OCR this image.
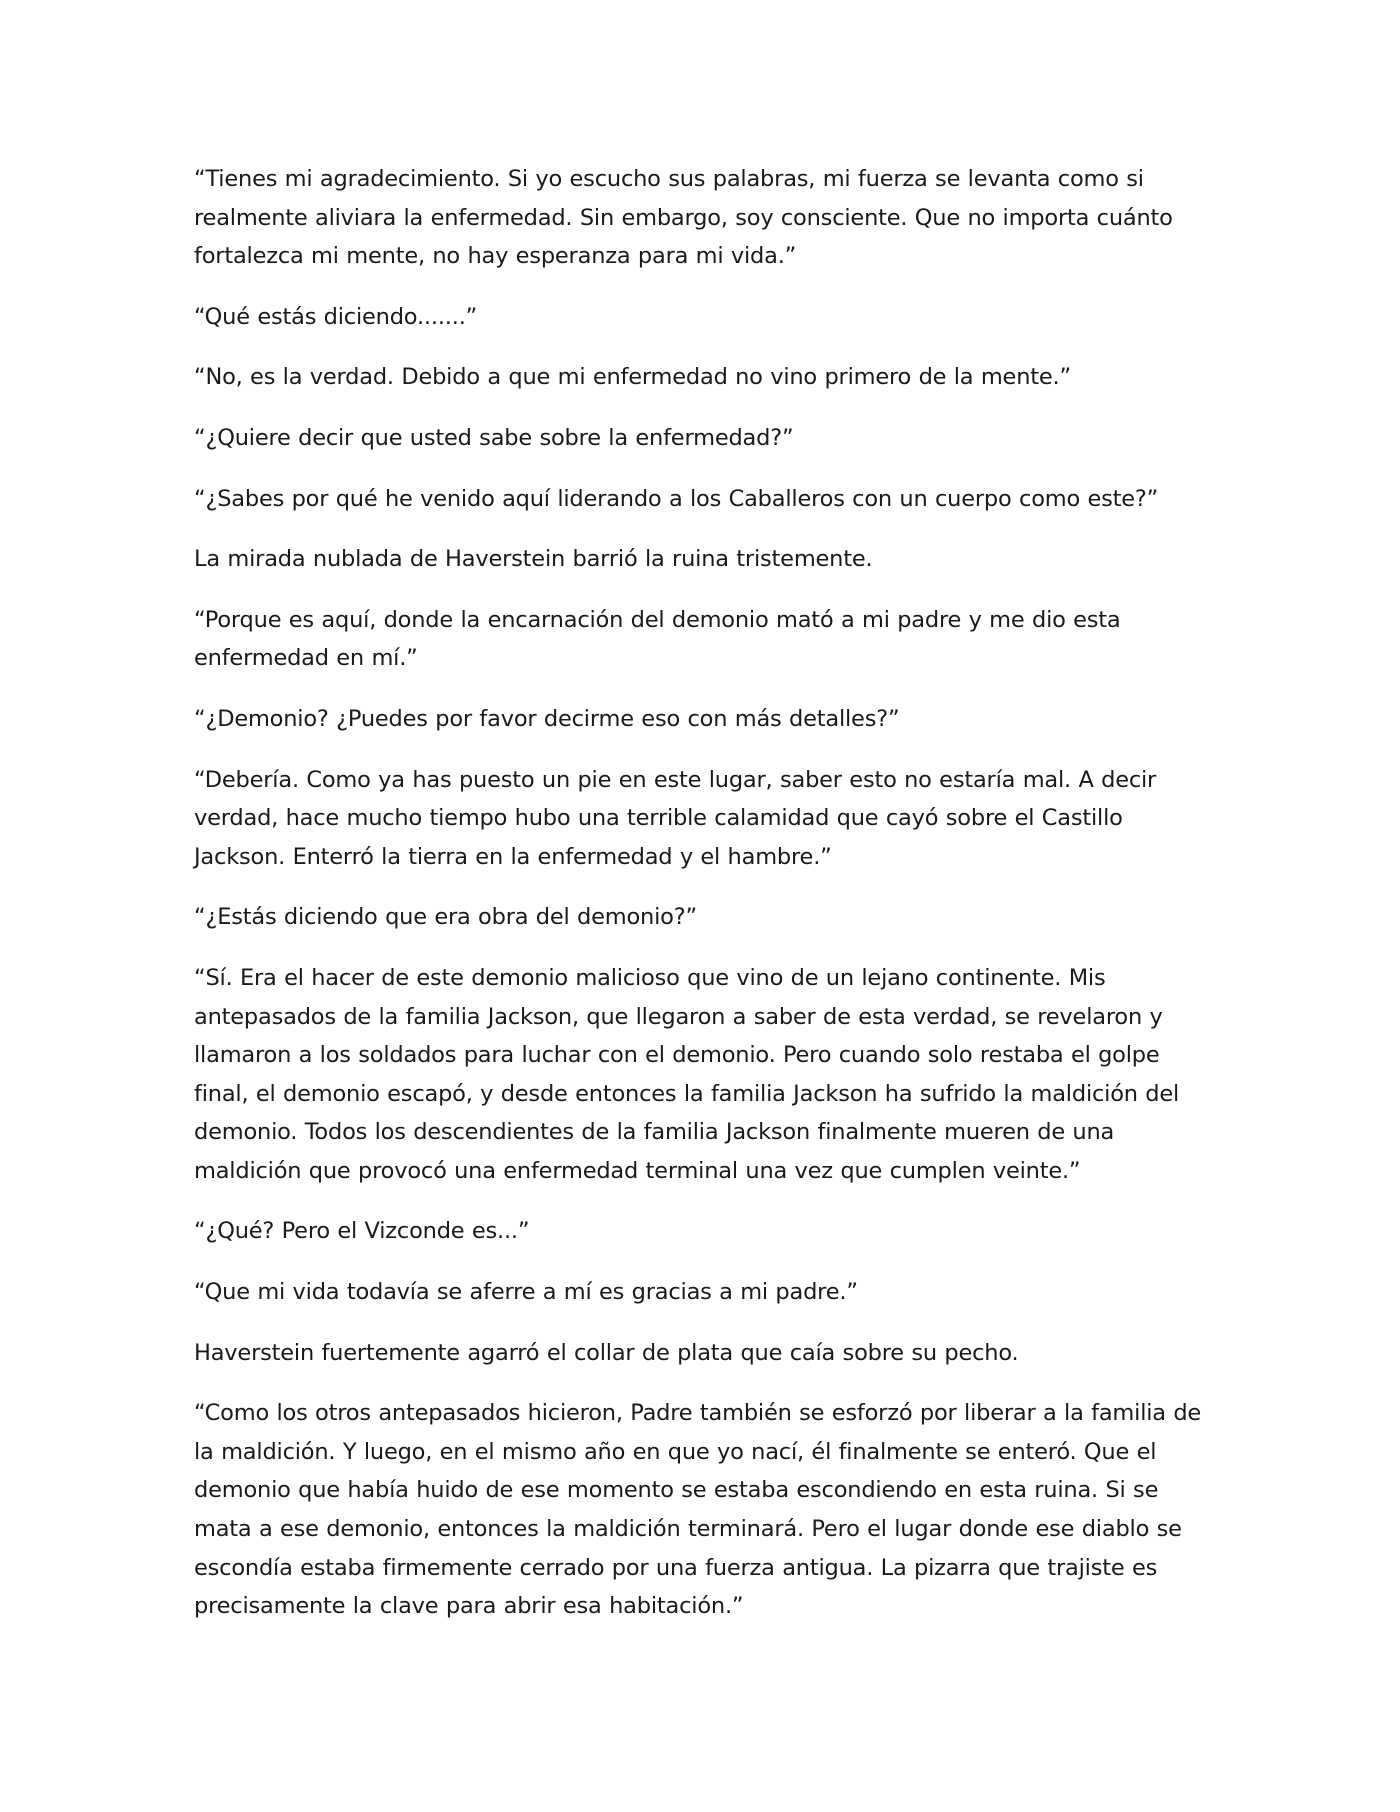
“Tienes mi agradecimiento. Si yo escucho sus palabras, mi fuerza se levanta como si realmente aliviara la enfermedad. Sin embargo, soy consciente. Que no importa cuánto fortalezca mi mente, no hay esperanza para mi vida.”

“Qué estás diciendo.......”

“No, es la verdad. Debido a que mi enfermedad no vino primero de la mente.”

“¿Quiere decir que usted sabe sobre la enfermedad?”

“¿Sabes por qué he venido aquí liderando a los Caballeros con un cuerpo como este?”

La mirada nublada de Haverstein barrió la ruina tristemente.

“Porque es aquí, donde la encarnación del demonio mató a mi padre y me dio esta enfermedad en mí.”

“¿Demonio? ¿Puedes por favor decirme eso con más detalles?”

“Debería. Como ya has puesto un pie en este lugar, saber esto no estaría mal. A decir verdad, hace mucho tiempo hubo una terrible calamidad que cayó sobre el Castillo Jackson. Enterró la tierra en la enfermedad y el hambre.”

“¿Estás diciendo que era obra del demonio?”

“Sí. Era el hacer de este demonio malicioso que vino de un lejano continente. Mis antepasados de la familia Jackson, que llegaron a saber de esta verdad, se revelaron y llamaron a los soldados para luchar con el demonio. Pero cuando solo restaba el golpe final, el demonio escapó, y desde entonces la familia Jackson ha sufrido la maldición del demonio. Todos los descendientes de la familia Jackson finalmente mueren de una maldición que provocó una enfermedad terminal una vez que cumplen veinte.”

“¿Qué? Pero el Vizconde es...”

“Que mi vida todavía se aferre a mí es gracias a mi padre.”

Haverstein fuertemente agarró el collar de plata que caía sobre su pecho.

“Como los otros antepasados hicieron, Padre también se esforzó por liberar a la familia de la maldición. Y luego, en el mismo año en que yo nací, él finalmente se enteró. Que el demonio que había huido de ese momento se estaba escondiendo en esta ruina. Si se mata a ese demonio, entonces la maldición terminará. Pero el lugar donde ese diablo se escondía estaba firmemente cerrado por una fuerza antigua. La pizarra que trajiste es precisamente la clave para abrir esa habitación.”
